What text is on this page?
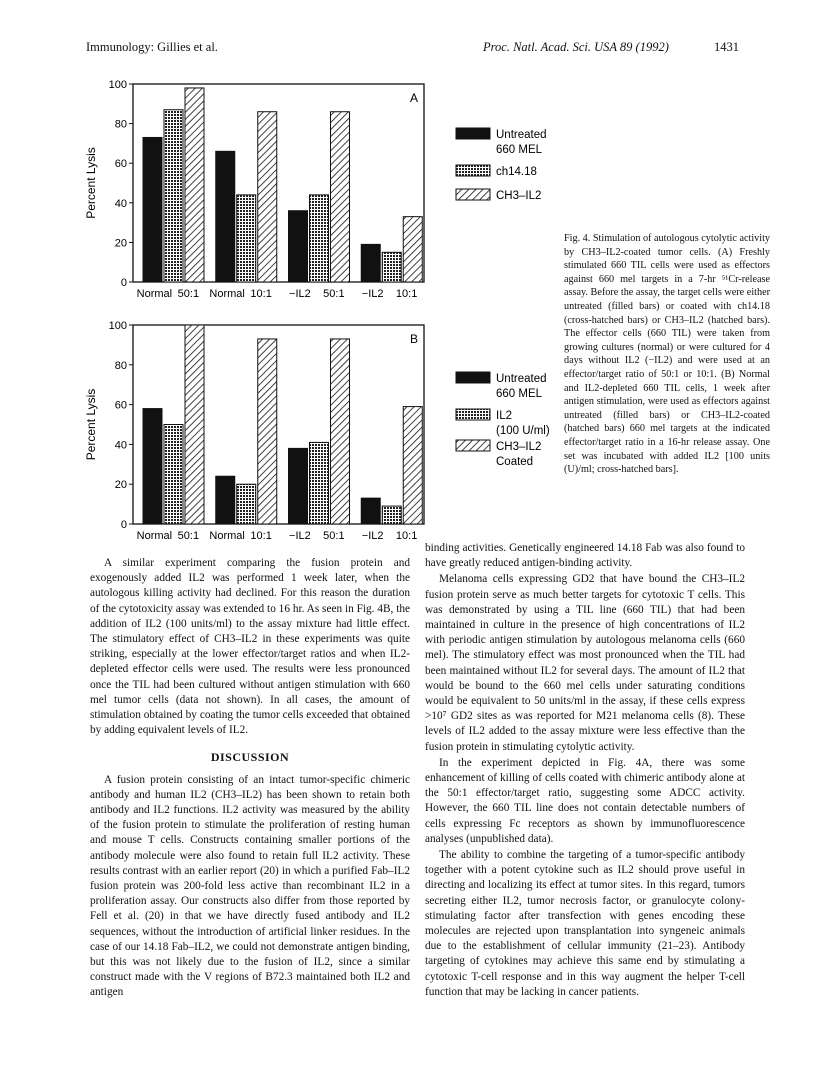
Immunology: Gillies et al.	Proc. Natl. Acad. Sci. USA 89 (1992)	1431
0
20
40
60
80
100
Percent Lysis
A
Normal 50:1 Normal 10:1 −IL2 50:1 −IL2 10:1
Untreated
660 MEL
ch14.18
CH3–IL2
0
20
40
60
80
100
Percent Lysis
B
Normal 50:1 Normal 10:1 −IL2 50:1 −IL2 10:1
Untreated
660 MEL
IL2
(100 U/ml)
CH3–IL2
Coated
Fig. 4. Stimulation of autologous cytolytic activity by CH3–IL2-coated tumor cells. (A) Freshly stimulated 660 TIL cells were used as effectors against 660 mel targets in a 7-hr ⁵¹Cr-release assay. Before the assay, the target cells were either untreated (filled bars) or coated with ch14.18 (cross-hatched bars) or CH3–IL2 (hatched bars). The effector cells (660 TIL) were taken from growing cultures (normal) or were cultured for 4 days without IL2 (−IL2) and were used at an effector/target ratio of 50:1 or 10:1. (B) Normal and IL2-depleted 660 TIL cells, 1 week after antigen stimulation, were used as effectors against untreated (filled bars) or CH3–IL2-coated (hatched bars) 660 mel targets at the indicated effector/target ratio in a 16-hr release assay. One set was incubated with added IL2 [100 units (U)/ml; cross-hatched bars].

A similar experiment comparing the fusion protein and exogenously added IL2 was performed 1 week later, when the autologous killing activity had declined. For this reason the duration of the cytotoxicity assay was extended to 16 hr. As seen in Fig. 4B, the addition of IL2 (100 units/ml) to the assay mixture had little effect. The stimulatory effect of CH3–IL2 in these experiments was quite striking, especially at the lower effector/target ratios and when IL2-depleted effector cells were used. The results were less pronounced once the TIL had been cultured without antigen stimulation with 660 mel tumor cells (data not shown). In all cases, the amount of stimulation obtained by coating the tumor cells exceeded that obtained by adding equivalent levels of IL2.

DISCUSSION

A fusion protein consisting of an intact tumor-specific chimeric antibody and human IL2 (CH3–IL2) has been shown to retain both antibody and IL2 functions. IL2 activity was measured by the ability of the fusion protein to stimulate the proliferation of resting human and mouse T cells. Constructs containing smaller portions of the antibody molecule were also found to retain full IL2 activity. These results contrast with an earlier report (20) in which a purified Fab–IL2 fusion protein was 200-fold less active than recombinant IL2 in a proliferation assay. Our constructs also differ from those reported by Fell et al. (20) in that we have directly fused antibody and IL2 sequences, without the introduction of artificial linker residues. In the case of our 14.18 Fab–IL2, we could not demonstrate antigen binding, but this was not likely due to the fusion of IL2, since a similar construct made with the V regions of B72.3 maintained both IL2 and antigen

binding activities. Genetically engineered 14.18 Fab was also found to have greatly reduced antigen-binding activity.

Melanoma cells expressing GD2 that have bound the CH3–IL2 fusion protein serve as much better targets for cytotoxic T cells. This was demonstrated by using a TIL line (660 TIL) that had been maintained in culture in the presence of high concentrations of IL2 with periodic antigen stimulation by autologous melanoma cells (660 mel). The stimulatory effect was most pronounced when the TIL had been maintained without IL2 for several days. The amount of IL2 that would be bound to the 660 mel cells under saturating conditions would be equivalent to 50 units/ml in the assay, if these cells express >10⁷ GD2 sites as was reported for M21 melanoma cells (8). These levels of IL2 added to the assay mixture were less effective than the fusion protein in stimulating cytolytic activity.

In the experiment depicted in Fig. 4A, there was some enhancement of killing of cells coated with chimeric antibody alone at the 50:1 effector/target ratio, suggesting some ADCC activity. However, the 660 TIL line does not contain detectable numbers of cells expressing Fc receptors as shown by immunofluorescence analyses (unpublished data).

The ability to combine the targeting of a tumor-specific antibody together with a potent cytokine such as IL2 should prove useful in directing and localizing its effect at tumor sites. In this regard, tumors secreting either IL2, tumor necrosis factor, or granulocyte colony-stimulating factor after transfection with genes encoding these molecules are rejected upon transplantation into syngeneic animals due to the establishment of cellular immunity (21–23). Antibody targeting of cytokines may achieve this same end by stimulating a cytotoxic T-cell response and in this way augment the helper T-cell function that may be lacking in cancer patients.
